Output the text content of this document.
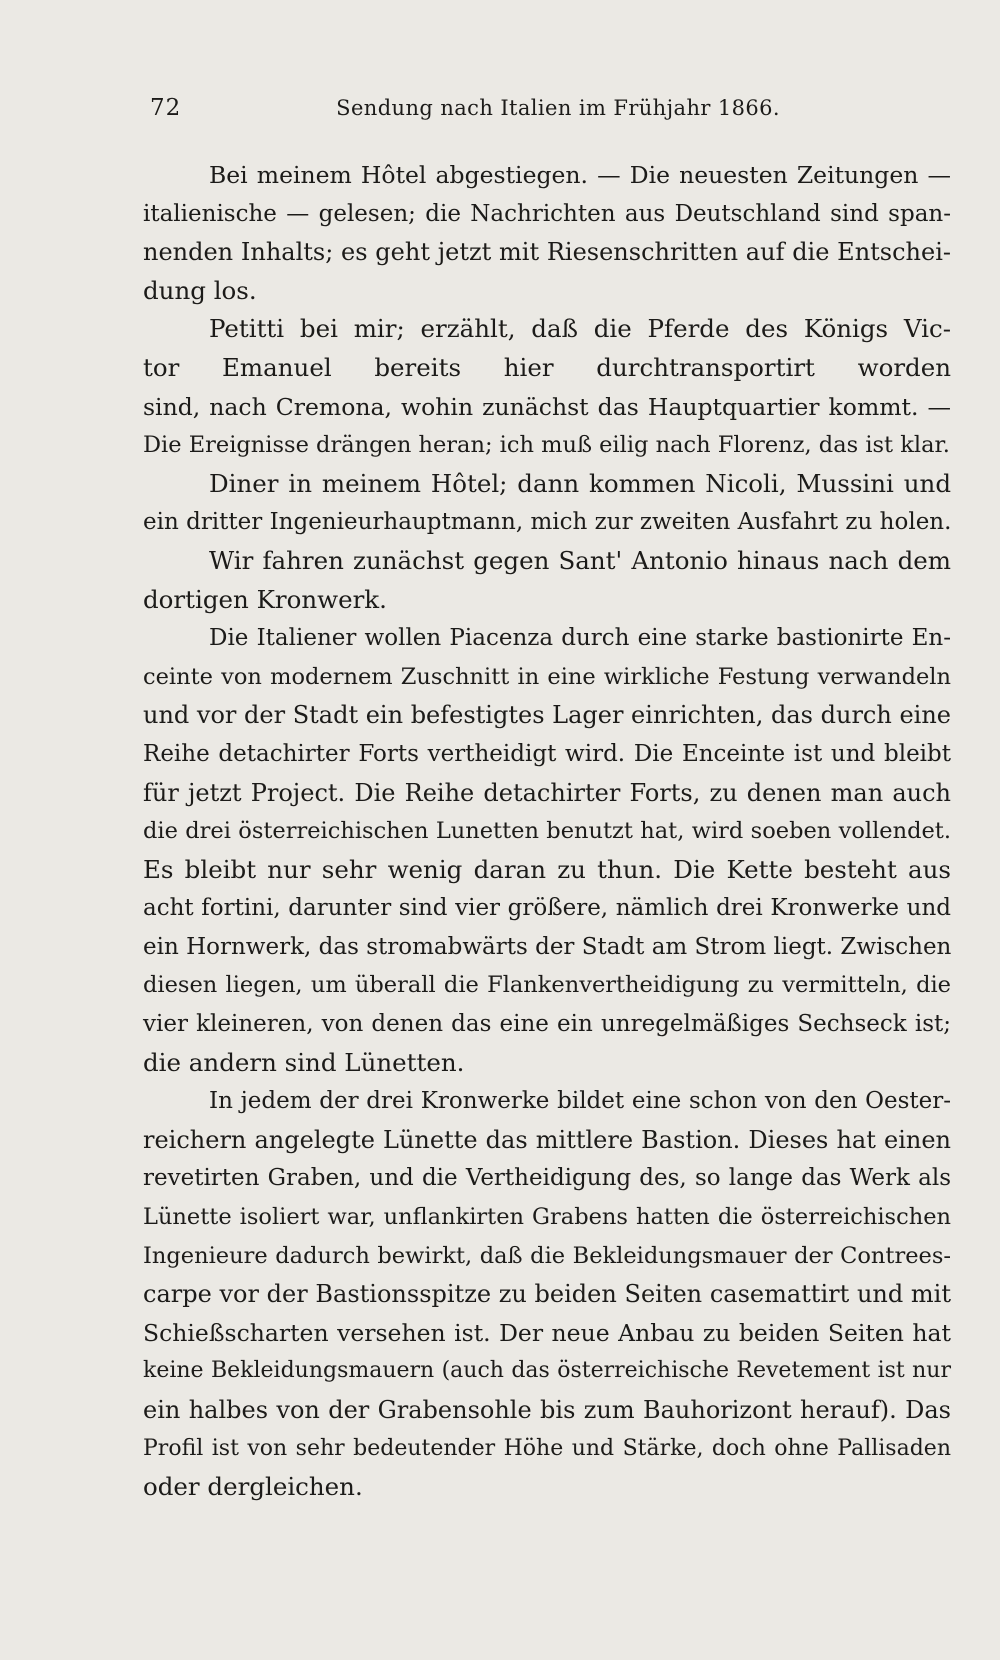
72	Sendung nach Italien im Frühjahr 1866.
Bei meinem Hôtel abgestiegen. — Die neuesten Zeitungen —
italienische — gelesen; die Nachrichten aus Deutschland sind span-
nenden Inhalts; es geht jetzt mit Riesenschritten auf die Entschei-
dung los.
Petitti bei mir; erzählt, daß die Pferde des Königs Vic-
tor Emanuel bereits hier durchtransportirt worden
sind, nach Cremona, wohin zunächst das Hauptquartier kommt. —
Die Ereignisse drängen heran; ich muß eilig nach Florenz, das ist klar.
Diner in meinem Hôtel; dann kommen Nicoli, Mussini und
ein dritter Ingenieurhauptmann, mich zur zweiten Ausfahrt zu holen.
Wir fahren zunächst gegen Sant' Antonio hinaus nach dem
dortigen Kronwerk.
Die Italiener wollen Piacenza durch eine starke bastionirte En-
ceinte von modernem Zuschnitt in eine wirkliche Festung verwandeln
und vor der Stadt ein befestigtes Lager einrichten, das durch eine
Reihe detachirter Forts vertheidigt wird. Die Enceinte ist und bleibt
für jetzt Project. Die Reihe detachirter Forts, zu denen man auch
die drei österreichischen Lunetten benutzt hat, wird soeben vollendet.
Es bleibt nur sehr wenig daran zu thun. Die Kette besteht aus
acht fortini, darunter sind vier größere, nämlich drei Kronwerke und
ein Hornwerk, das stromabwärts der Stadt am Strom liegt. Zwischen
diesen liegen, um überall die Flankenvertheidigung zu vermitteln, die
vier kleineren, von denen das eine ein unregelmäßiges Sechseck ist;
die andern sind Lünetten.
In jedem der drei Kronwerke bildet eine schon von den Oester-
reichern angelegte Lünette das mittlere Bastion. Dieses hat einen
revetirten Graben, und die Vertheidigung des, so lange das Werk als
Lünette isoliert war, unflankirten Grabens hatten die österreichischen
Ingenieure dadurch bewirkt, daß die Bekleidungsmauer der Contrees-
carpe vor der Bastionsspitze zu beiden Seiten casemattirt und mit
Schießscharten versehen ist. Der neue Anbau zu beiden Seiten hat
keine Bekleidungsmauern (auch das österreichische Revetement ist nur
ein halbes von der Grabensohle bis zum Bauhorizont herauf). Das
Profil ist von sehr bedeutender Höhe und Stärke, doch ohne Pallisaden
oder dergleichen.
